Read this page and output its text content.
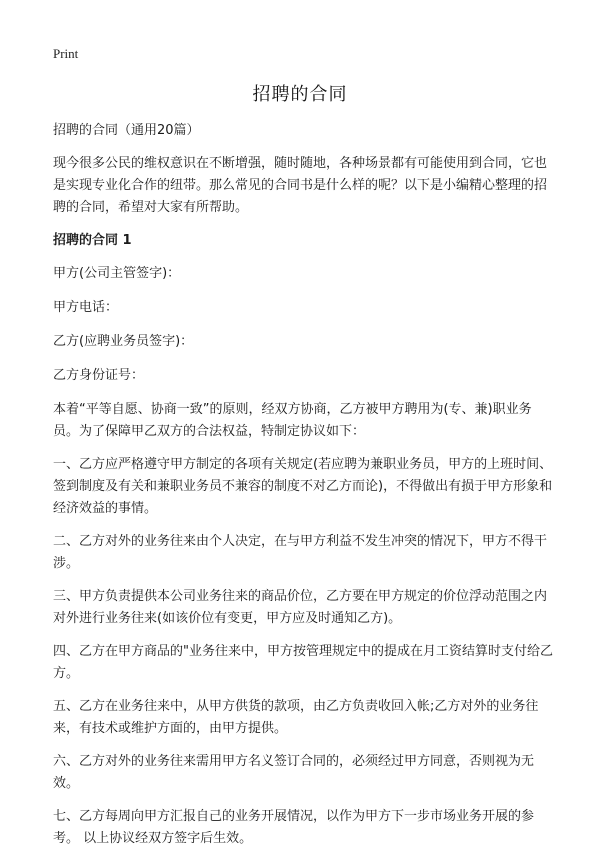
Print
招聘的合同

招聘的合同（通用20篇）

现今很多公民的维权意识在不断增强，随时随地，各种场景都有可能使用到合同，它也是实现专业化合作的纽带。那么常见的合同书是什么样的呢？以下是小编精心整理的招聘的合同，希望对大家有所帮助。

招聘的合同 1

甲方(公司主管签字)：

甲方电话：

乙方(应聘业务员签字)：

乙方身份证号：

本着“平等自愿、协商一致”的原则，经双方协商，乙方被甲方聘用为(专、兼)职业务员。为了保障甲乙双方的合法权益，特制定协议如下：

一、乙方应严格遵守甲方制定的各项有关规定(若应聘为兼职业务员，甲方的上班时间、签到制度及有关和兼职业务员不兼容的制度不对乙方而论)，不得做出有损于甲方形象和经济效益的事情。

二、乙方对外的业务往来由个人决定，在与甲方利益不发生冲突的情况下，甲方不得干涉。

三、甲方负责提供本公司业务往来的商品价位，乙方要在甲方规定的价位浮动范围之内对外进行业务往来(如该价位有变更，甲方应及时通知乙方)。

四、乙方在甲方商品的"业务往来中，甲方按管理规定中的提成在月工资结算时支付给乙方。

五、乙方在业务往来中，从甲方供货的款项，由乙方负责收回入帐;乙方对外的业务往来，有技术或维护方面的，由甲方提供。

六、乙方对外的业务往来需用甲方名义签订合同的，必须经过甲方同意，否则视为无效。

七、乙方每周向甲方汇报自己的业务开展情况，以作为甲方下一步市场业务开展的参考。 以上协议经双方签字后生效。
